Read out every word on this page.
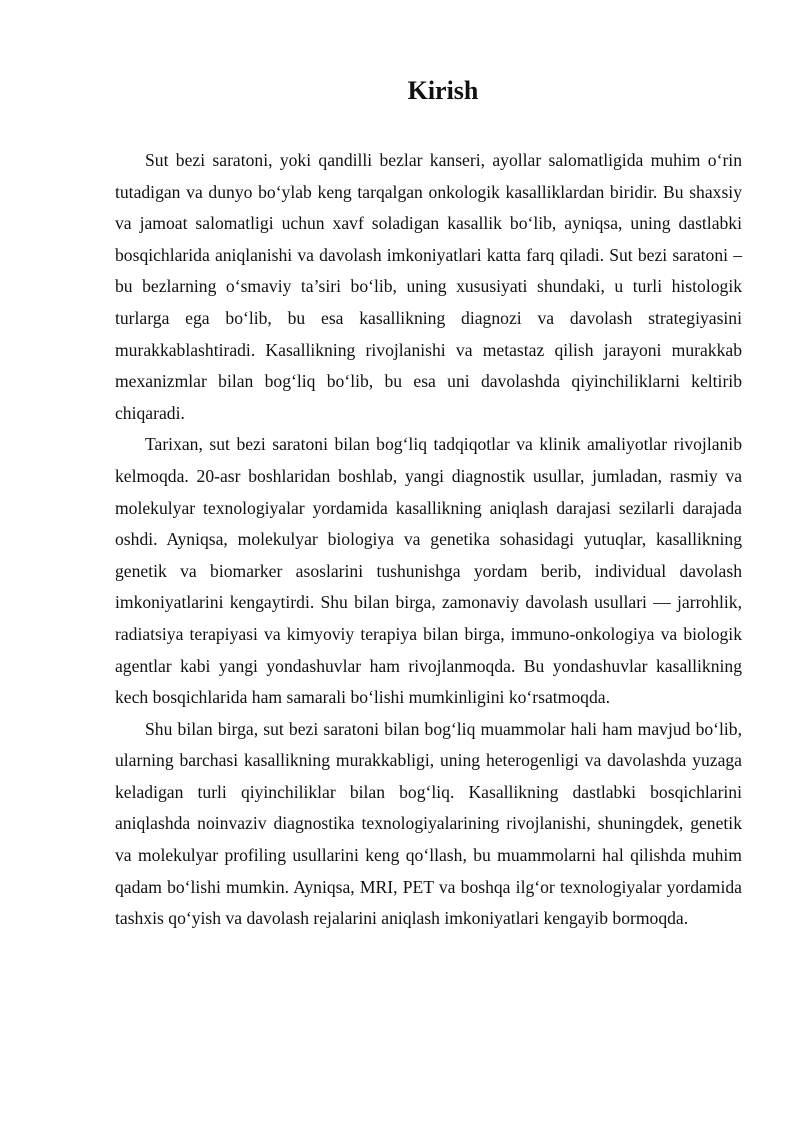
Kirish

Sut bezi saratoni, yoki qandilli bezlar kanseri, ayollar salomatligida muhim o‘rin tutadigan va dunyo bo‘ylab keng tarqalgan onkologik kasalliklardan biridir. Bu shaxsiy va jamoat salomatligi uchun xavf soladigan kasallik bo‘lib, ayniqsa, uning dastlabki bosqichlarida aniqlanishi va davolash imkoniyatlari katta farq qiladi. Sut bezi saratoni – bu bezlarning o‘smaviy ta’siri bo‘lib, uning xususiyati shundaki, u turli histologik turlarga ega bo‘lib, bu esa kasallikning diagnozi va davolash strategiyasini murakkablashtiradi. Kasallikning rivojlanishi va metastaz qilish jarayoni murakkab mexanizmlar bilan bog‘liq bo‘lib, bu esa uni davolashda qiyinchiliklarni keltirib chiqaradi.

Tarixan, sut bezi saratoni bilan bog‘liq tadqiqotlar va klinik amaliyotlar rivojlanib kelmoqda. 20-asr boshlaridan boshlab, yangi diagnostik usullar, jumladan, rasmiy va molekulyar texnologiyalar yordamida kasallikning aniqlash darajasi sezilarli darajada oshdi. Ayniqsa, molekulyar biologiya va genetika sohasidagi yutuqlar, kasallikning genetik va biomarker asoslarini tushunishga yordam berib, individual davolash imkoniyatlarini kengaytirdi. Shu bilan birga, zamonaviy davolash usullari — jarrohlik, radiatsiya terapiyasi va kimyoviy terapiya bilan birga, immuno-onkologiya va biologik agentlar kabi yangi yondashuvlar ham rivojlanmoqda. Bu yondashuvlar kasallikning kech bosqichlarida ham samarali bo‘lishi mumkinligini ko‘rsatmoqda.

Shu bilan birga, sut bezi saratoni bilan bog‘liq muammolar hali ham mavjud bo‘lib, ularning barchasi kasallikning murakkabligi, uning heterogenligi va davolashda yuzaga keladigan turli qiyinchiliklar bilan bog‘liq. Kasallikning dastlabki bosqichlarini aniqlashda noinvaziv diagnostika texnologiyalarining rivojlanishi, shuningdek, genetik va molekulyar profiling usullarini keng qo‘llash, bu muammolarni hal qilishda muhim qadam bo‘lishi mumkin. Ayniqsa, MRI, PET va boshqa ilg‘or texnologiyalar yordamida tashxis qo‘yish va davolash rejalarini aniqlash imkoniyatlari kengayib bormoqda.
